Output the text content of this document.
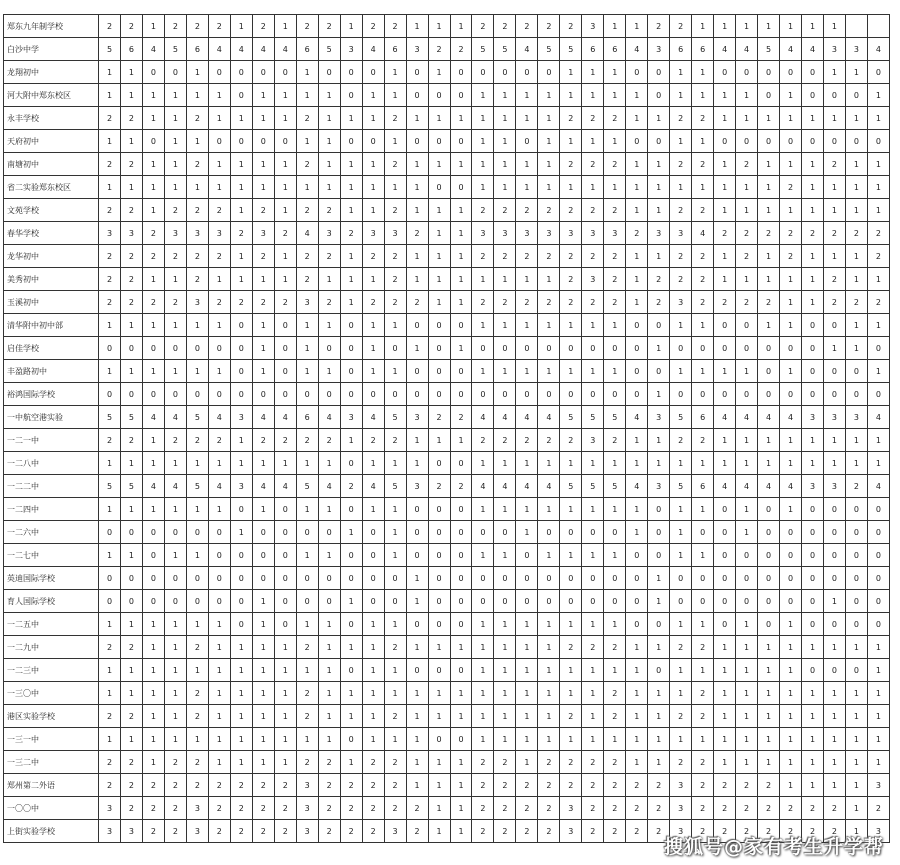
郑东九年制学校	2	2	1	2	2	2	1	2	1	2	2	1	2	2	1	1	1	2	2	2	2	2	3	1	1	2	2	1	1	1	1	1	1	1		
白沙中学	5	6	4	5	6	4	4	4	4	6	5	3	4	6	3	2	2	5	5	4	5	5	6	6	4	3	6	6	4	4	5	4	4	3	3	4
龙翔初中	1	1	0	0	1	0	0	0	0	1	0	0	0	1	0	1	0	0	0	0	0	1	1	1	0	0	1	1	0	0	0	0	0	1	1	0
河大附中郑东校区	1	1	1	1	1	1	0	1	1	1	1	0	1	1	0	0	0	1	1	1	1	1	1	1	1	0	1	1	1	1	0	1	0	0	0	1
永丰学校	2	2	1	1	2	1	1	1	1	2	1	1	1	2	1	1	1	1	1	1	1	2	2	2	1	1	2	2	1	1	1	1	1	1	1	1
天府初中	1	1	0	1	1	0	0	0	0	1	1	0	0	1	0	0	0	1	1	0	1	1	1	1	0	0	1	1	0	0	0	0	0	0	0	0
南塘初中	2	2	1	1	2	1	1	1	1	2	1	1	1	2	1	1	1	1	1	1	1	2	2	2	1	1	2	2	1	2	1	1	1	2	1	1
省二实验郑东校区	1	1	1	1	1	1	1	1	1	1	1	1	1	1	1	0	0	1	1	1	1	1	1	1	1	1	1	1	1	1	1	2	1	1	1	1
文苑学校	2	2	1	2	2	2	1	2	1	2	2	1	1	2	1	1	1	2	2	2	2	2	2	2	1	1	2	2	1	1	1	1	1	1	1	1
春华学校	3	3	2	3	3	3	2	3	2	4	3	2	3	3	2	1	1	3	3	3	3	3	3	3	2	3	3	4	2	2	2	2	2	2	2	2
龙华初中	2	2	2	2	2	2	1	2	1	2	2	1	2	2	1	1	1	2	2	2	2	2	2	2	1	1	2	2	1	2	1	2	1	1	1	2
美秀初中	2	2	1	1	2	1	1	1	1	2	1	1	1	2	1	1	1	1	1	1	1	2	3	2	1	2	2	2	1	1	1	1	1	2	1	1
玉溪初中	2	2	2	2	3	2	2	2	2	3	2	1	2	2	2	1	1	2	2	2	2	2	2	2	1	2	3	2	2	2	2	1	1	2	2	2
清华附中初中部	1	1	1	1	1	1	0	1	0	1	1	0	1	1	0	0	0	1	1	1	1	1	1	1	0	0	1	1	0	0	1	1	0	0	1	1
启佳学校	0	0	0	0	0	0	0	1	0	1	0	0	1	0	1	0	1	0	0	0	0	0	0	0	0	1	0	0	0	0	0	0	0	1	1	0
丰盈路初中	1	1	1	1	1	1	0	1	0	1	1	0	1	1	0	0	0	1	1	1	1	1	1	1	0	0	1	1	1	1	0	1	0	0	0	1
裕鸿国际学校	0	0	0	0	0	0	0	0	0	0	0	0	0	0	0	0	0	0	0	0	0	0	0	0	0	1	0	0	0	0	0	0	0	0	0	0
一中航空港实验	5	5	4	4	5	4	3	4	4	6	4	3	4	5	3	2	2	4	4	4	4	5	5	5	4	3	5	6	4	4	4	4	3	3	3	4
一二一中	2	2	1	2	2	2	1	2	2	2	2	1	2	2	1	1	1	2	2	2	2	2	3	2	1	1	2	2	1	1	1	1	1	1	1	1
一二八中	1	1	1	1	1	1	1	1	1	1	1	0	1	1	1	0	0	1	1	1	1	1	1	1	1	1	1	1	1	1	1	1	1	1	1	1
一二二中	5	5	4	4	5	4	3	4	4	5	4	2	4	5	3	2	2	4	4	4	4	5	5	5	4	3	5	6	4	4	4	4	3	3	2	4
一二四中	1	1	1	1	1	1	0	1	0	1	1	0	1	1	0	0	0	1	1	1	1	1	1	1	1	0	1	1	0	1	0	1	0	0	0	0
一二六中	0	0	0	0	0	0	1	0	0	0	0	1	0	1	0	0	0	0	0	1	0	0	0	0	1	0	1	0	0	1	0	0	0	0	0	0
一二七中	1	1	0	1	1	0	0	0	0	1	1	0	0	1	0	0	0	1	1	0	1	1	1	1	0	0	1	1	0	0	0	0	0	0	0	0
英迪国际学校	0	0	0	0	0	0	0	0	0	0	0	0	0	0	1	0	0	0	0	0	0	0	0	0	0	1	0	0	0	0	0	0	0	0	0	0
育人国际学校	0	0	0	0	0	0	0	1	0	0	0	1	0	0	1	0	0	0	0	0	0	0	0	0	0	1	0	0	0	0	0	0	0	1	0	0
一二五中	1	1	1	1	1	1	0	1	0	1	1	0	1	1	0	0	0	1	1	1	1	1	1	1	0	0	1	1	0	1	0	1	0	0	0	0
一二九中	2	2	1	1	2	1	1	1	1	2	1	1	1	2	1	1	1	1	1	1	1	2	2	2	1	1	2	2	1	1	1	1	1	1	1	1
一二三中	1	1	1	1	1	1	1	1	1	1	1	0	1	1	0	0	0	1	1	1	1	1	1	1	1	0	1	1	1	1	1	1	0	0	0	1
一三〇中	1	1	1	1	2	1	1	1	1	2	1	1	1	1	1	1	1	1	1	1	1	1	1	2	1	1	1	2	1	1	1	1	1	1	1	1
港区实验学校	2	2	1	1	2	1	1	1	1	2	1	1	1	2	1	1	1	1	1	1	1	2	1	2	1	1	2	2	1	1	1	1	1	1	1	1
一三一中	1	1	1	1	1	1	1	1	1	1	1	0	1	1	1	0	0	1	1	1	1	1	1	1	1	1	1	1	1	1	1	1	1	1	1	1
一三二中	2	2	1	2	2	1	1	1	1	2	2	1	2	2	1	1	1	2	2	1	2	2	2	2	1	1	2	2	1	1	1	1	1	1	1	1
郑州第二外语	2	2	2	2	2	2	2	2	2	3	2	2	2	2	1	1	1	2	2	2	2	2	2	2	2	2	3	2	2	2	2	1	1	1	1	3
一〇〇中	3	2	2	2	3	2	2	2	2	3	2	2	2	2	2	1	1	2	2	2	2	3	2	2	2	2	3	2	2	2	2	2	2	2	1	2
上街实验学校	3	3	2	2	3	2	2	2	2	3	2	2	2	3	2	1	1	2	2	2	2	3	2	2	2	2	3	2	2	2	2	2	2	2	1	3
搜狐号@家有考生升学帮
